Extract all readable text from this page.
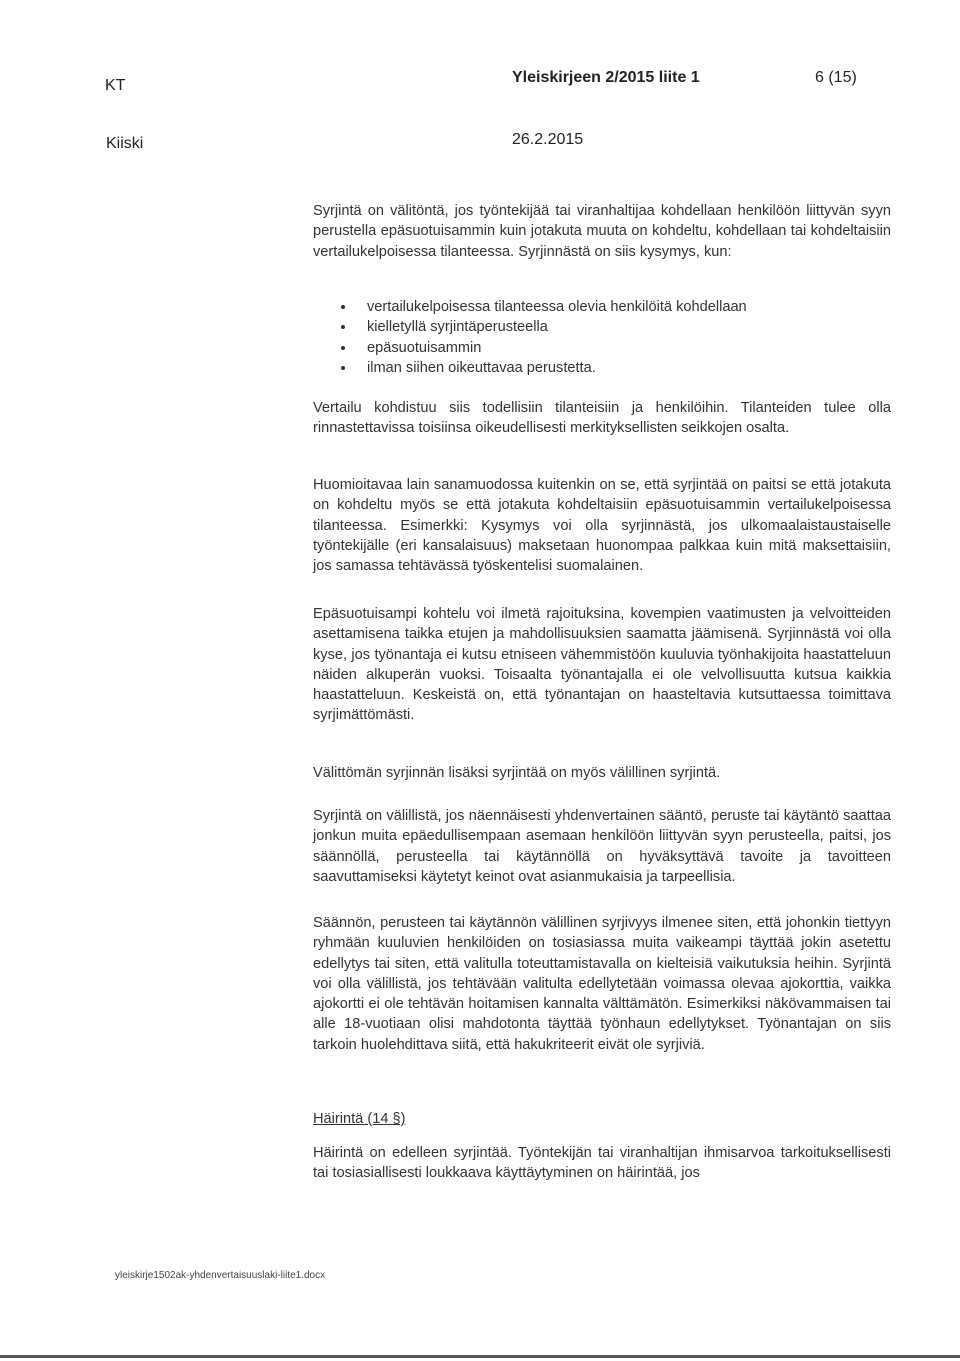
KT	Yleiskirjeen 2/2015 liite 1	6 (15)
Kiiski	26.2.2015

Syrjintä on välitöntä, jos työntekijää tai viranhaltijaa kohdellaan henkilöön liittyvän syyn perustella epäsuotuisammin kuin jotakuta muuta on kohdeltu, kohdellaan tai kohdeltaisiin vertailukelpoisessa tilanteessa. Syrjinnästä on siis kysymys, kun:

vertailukelpoisessa tilanteessa olevia henkilöitä kohdellaan
kielletyllä syrjintäperusteella
epäsuotuisammin
ilman siihen oikeuttavaa perustetta.

Vertailu kohdistuu siis todellisiin tilanteisiin ja henkilöihin. Tilanteiden tulee olla rinnastettavissa toisiinsa oikeudellisesti merkityksellisten seikkojen osalta.

Huomioitavaa lain sanamuodossa kuitenkin on se, että syrjintää on paitsi se että jotakuta on kohdeltu myös se että jotakuta kohdeltaisiin epäsuotuisammin vertailukelpoisessa tilanteessa. Esimerkki: Kysymys voi olla syrjinnästä, jos ulkomaalaistaustaiselle työntekijälle (eri kansalaisuus) maksetaan huonompaa palkkaa kuin mitä maksettaisiin, jos samassa tehtävässä työskentelisi suomalainen.

Epäsuotuisampi kohtelu voi ilmetä rajoituksina, kovempien vaatimusten ja velvoitteiden asettamisena taikka etujen ja mahdollisuuksien saamatta jäämisenä. Syrjinnästä voi olla kyse, jos työnantaja ei kutsu etniseen vähemmistöön kuuluvia työnhakijoita haastatteluun näiden alkuperän vuoksi. Toisaalta työnantajalla ei ole velvollisuutta kutsua kaikkia haastatteluun. Keskeistä on, että työnantajan on haasteltavia kutsuttaessa toimittava syrjimättömästi.

Välittömän syrjinnän lisäksi syrjintää on myös välillinen syrjintä.

Syrjintä on välillistä, jos näennäisesti yhdenvertainen sääntö, peruste tai käytäntö saattaa jonkun muita epäedullisempaan asemaan henkilöön liittyvän syyn perusteella, paitsi, jos säännöllä, perusteella tai käytännöllä on hyväksyttävä tavoite ja tavoitteen saavuttamiseksi käytetyt keinot ovat asianmukaisia ja tarpeellisia.

Säännön, perusteen tai käytännön välillinen syrjivyys ilmenee siten, että johonkin tiettyyn ryhmään kuuluvien henkilöiden on tosiasiassa muita vaikeampi täyttää jokin asetettu edellytys tai siten, että valitulla toteuttamistavalla on kielteisiä vaikutuksia heihin. Syrjintä voi olla välillistä, jos tehtävään valitulta edellytetään voimassa olevaa ajokorttia, vaikka ajokortti ei ole tehtävän hoitamisen kannalta välttämätön. Esimerkiksi näkövammaisen tai alle 18-vuotiaan olisi mahdotonta täyttää työnhaun edellytykset. Työnantajan on siis tarkoin huolehdittava siitä, että hakukriteerit eivät ole syrjiviä.

Häirintä (14 §)

Häirintä on edelleen syrjintää. Työntekijän tai viranhaltijan ihmisarvoa tarkoituksellisesti tai tosiasiallisesti loukkaava käyttäytyminen on häirintää, jos

yleiskirje1502ak-yhdenvertaisuuslaki-liite1.docx
